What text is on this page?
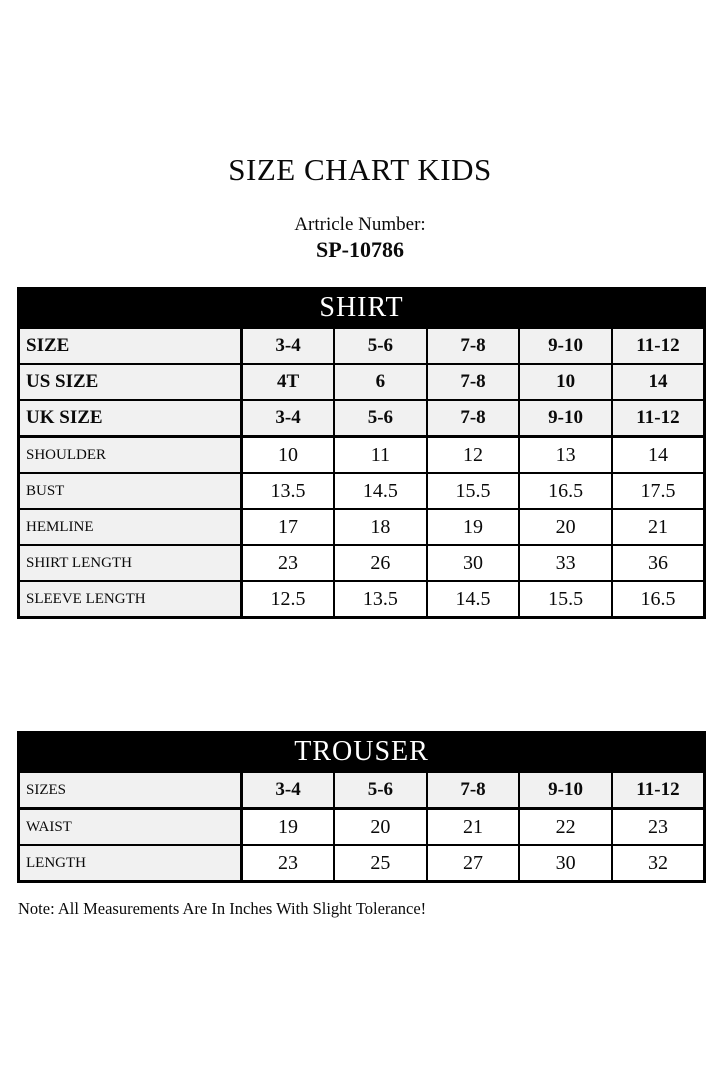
SIZE CHART KIDS
Artricle Number:
SP-10786
SHIRT					
SIZE	3-4	5-6	7-8	9-10	11-12
US SIZE	4T	6	7-8	10	14
UK SIZE	3-4	5-6	7-8	9-10	11-12
SHOULDER	10	11	12	13	14
BUST	13.5	14.5	15.5	16.5	17.5
HEMLINE	17	18	19	20	21
SHIRT LENGTH	23	26	30	33	36
SLEEVE LENGTH	12.5	13.5	14.5	15.5	16.5
TROUSER					
SIZES	3-4	5-6	7-8	9-10	11-12
WAIST	19	20	21	22	23
LENGTH	23	25	27	30	32
Note: All Measurements Are In Inches With Slight Tolerance!
